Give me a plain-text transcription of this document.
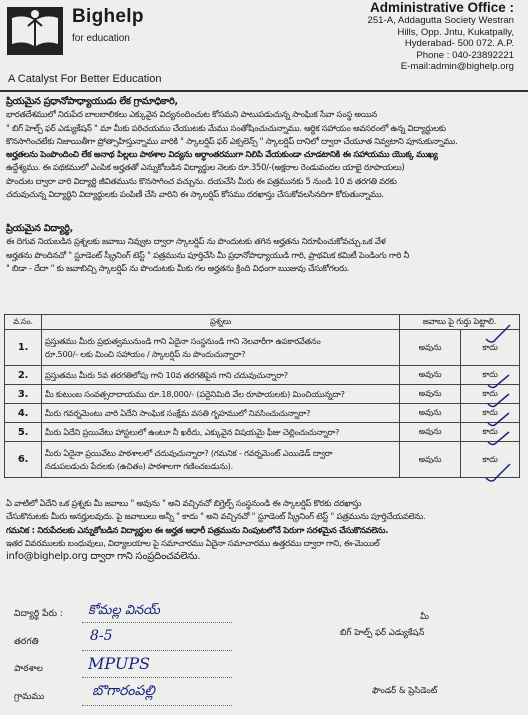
Bighelp
for education
A Catalyst For Better Education
Administrative Office :
251-A, Addagutta Society Westran
Hills, Opp. Jntu, Kukatpally,
Hyderabad- 500 072. A.P.
Phone : 040-23892221
E-mail:admin@bighelp.org
ప్రియమైన ప్రధానోపాధ్యాయుడు లేక గ్రామాధికారి,
భారతదేశములో నిరుపేద బాలబాలికలు ఎక్కువైన విద్యనందించుట కోసమని పాటుపడుచున్న సాంఘిక సేవా సంస్థ అయిన
" బిగ్ హెల్ప్ ఫర్ ఎడ్యుకేషన్ " మా మీకు పరిచయము చేయుటకు మేము సంతోషించుచున్నాము. ఆర్థిక సహాయం అవసరంలో ఉన్న విద్యార్థులకు
కొనసాగించటేకు నిజాయితీగా ప్రోత్సాహిస్తున్నాము వారికి " స్కాలర్షిప్ ఫర్ ఎక్సలెన్స్ " స్కాలర్షిప్ దానిలో ద్వారా చేయూత నివ్వటాని పూనుకున్నాము.
అర్హతలను పెంపొందించి లేక అనాథ పిల్లలు పాఠశాల విద్యను అర్ధాంతరముగా నిలిపి వేయకుండా చూడటానికి ఈ సహాయము యొక్క ముఖ్య
ఉద్దేశ్యము. ఈ పథకములో ఎంపిక అర్హతతో ఎన్నుకోబడిన విద్యార్థుల నెలకు రూ.350/-(అక్షరాల రెండువందల యాభై రూపాయలు)
పొందుట ద్వారా వారి విద్యార్థి జీవితమును కొనసాగించ వచ్చును. దయచేసి మీరు ఈ పత్రమునకు 5 నుండి 10 వ తరగతి వరకు
చదువుచున్న విద్యార్థిని విద్యార్థులకు పంపిణీ చేసి వారిని ఈ స్కాలర్షిప్ కోసము దరఖాస్తు చేసుకోవలసినదిగా కోరుతున్నాము.
ప్రియమైన విద్యార్థి,
ఈ దిగువ నియబడిన ప్రశ్నలకు జవాబు నివ్వుట ద్వారా స్కాలర్షిప్ ను పొందుటకు తగిన అర్హతను నిరూపించుకోవచ్చు.ఒక వేళ
అర్హతను పొందినచో " స్టూడెంట్ స్క్రీనింగ్ టెస్ట్ " పత్రమును పూర్తిచేసి మీ ప్రధానోపాధ్యాయుడి గారి, ప్రాథమిక కమిటీ పెండింగు గారి నీ
" బిడా - దేదా " కు జవాబిచ్చి స్కాలర్షిప్ ను పొందుటకు మీకు గల అర్హతను క్రింది విధంగా ఋజువు చేసుకోగలరు.
వ.సం.	ప్రశ్నలు	జవాబు పై గుర్తు పెట్టాలి.	
1.	ప్రస్తుతము మీరు ప్రభుత్వమునుండి గాని ఏదైనా సంస్థనుండి గాని నెలవారీగా ఉపకారవేతనం
రూ.500/- లకు మించి సహాయం / స్కాలర్షిప్ ను పొందుచున్నారా?	అవును	కాదు
2.	ప్రస్తుతము మీరు 5వ తరగతిలోపు గాని 10వ తరగతిపైన గాని చదువుచున్నారా?	అవును	కాదు
3.	మీ కుటుంబ సంవత్సరాదాయము రూ.18,000/- (పద్దెనిమిది వేల రూపాయలకు) మించియున్నదా?	అవును	కాదు
4.	మీరు గవర్నమెంటు వారి ఏదేని సాంఘిక సంక్షేమ వసతి గృహములో నివసించుచున్నారా?	అవును	కాదు
5.	మీరు ఏదేని ప్రయివేటు హాస్టలులో ఉంటూ నీ ఖరీదు, ఎక్కువైన విషయమై ఫీజు చెల్లించుచున్నారా?	అవును	కాదు
6.	మీరు ఏదైనా ప్రయివేటు పాఠశాలలో చదువుచున్నారా? (గమనిక - గవర్నమెంట్ ఎయిడెడ్ ద్వారా
నడుపబడుచు పేదలకు (ఉచితం) పాఠశాలగా గణించబడును).	అవును	కాదు
ఏ వాటిలో ఏదేని ఒక ప్రశ్నకు మీ జవాబు " అవును " అని వచ్చినచో బిగ్హెల్ప్ సంస్థనుండి ఈ స్కాలర్షిప్ కొరకు దరఖాస్తు
చేసుకొనుటకు మీరు అనర్హులవుదు. పై జవాబులు అన్నీ " కాదు " అని వచ్చినచో " స్టూడెంట్ స్క్రీనింగ్ టెస్ట్ " పత్రమును పూర్తిచేయవలెను.
గమనిక : నిరుపేదలకు ఎన్నుకోబడిన విద్యార్థుల ఈ అర్హత ఆధారీ పత్రమును నింపుటలోనే పెరుగా సరళమైన చేసుకొనవలెను.
ఇతర వివరములకు బంధువులు, విద్యాలయాల పై సమాచారము ఏదైనా సమాచారము ఉత్తరము ద్వారా గాని, ఈ-మెయిల్
info@bighelp.org ద్వారా గాని సంప్రదించవలెను.
విద్యార్థి పేరు : కోమల్ల వినయ్
తరగతి	8-5
పాఠశాల	MPUPS
గ్రామము	బొగారంపల్లి
మీ
బిగ్ హెల్ప్ ఫర్ ఎడ్యుకేషన్
ఫౌండర్ & ప్రెసిడెంట్
